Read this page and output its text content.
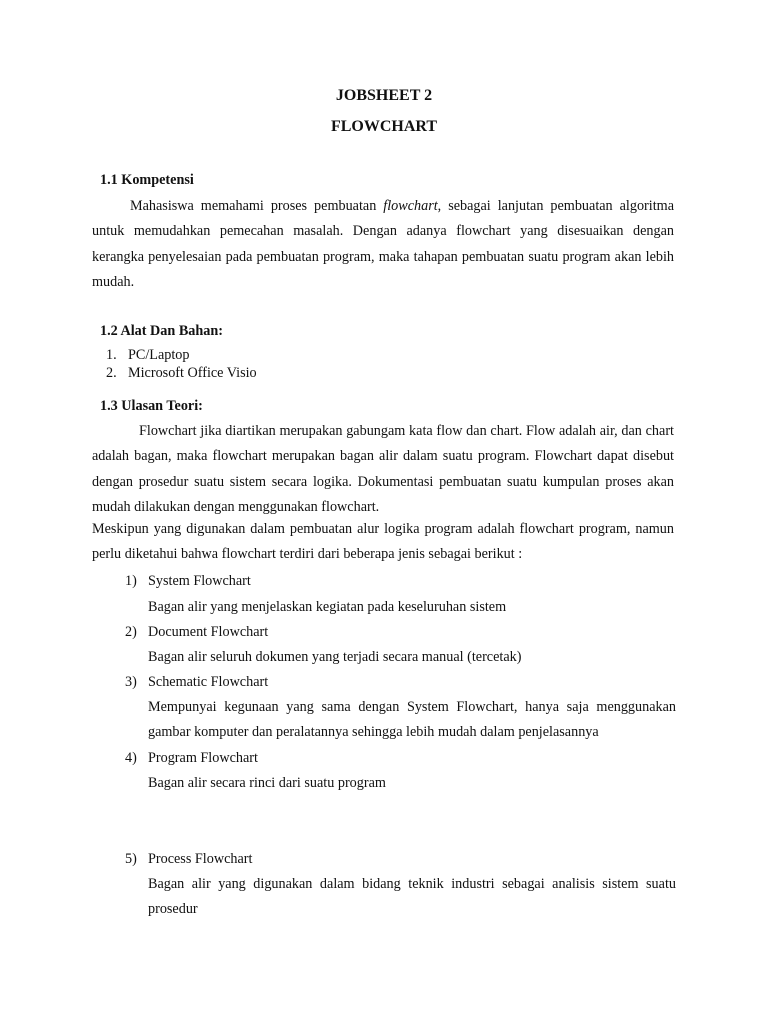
JOBSHEET 2
FLOWCHART
1.1 Kompetensi

Mahasiswa memahami proses pembuatan flowchart, sebagai lanjutan pembuatan algoritma untuk memudahkan pemecahan masalah. Dengan adanya flowchart yang disesuaikan dengan kerangka penyelesaian pada pembuatan program, maka tahapan pembuatan suatu program akan lebih mudah.

1.2 Alat Dan Bahan:
1. PC/Laptop
2. Microsoft Office Visio
1.3 Ulasan Teori:

Flowchart jika diartikan merupakan gabungam kata flow dan chart. Flow adalah air, dan chart adalah bagan, maka flowchart merupakan bagan alir dalam suatu program. Flowchart dapat disebut dengan prosedur suatu sistem secara logika. Dokumentasi pembuatan suatu kumpulan proses akan mudah dilakukan dengan menggunakan flowchart.

Meskipun yang digunakan dalam pembuatan alur logika program adalah flowchart program, namun perlu diketahui bahwa flowchart terdiri dari beberapa jenis sebagai berikut :

1) System Flowchart
Bagan alir yang menjelaskan kegiatan pada keseluruhan sistem
2) Document Flowchart
Bagan alir seluruh dokumen yang terjadi secara manual (tercetak)
3) Schematic Flowchart
Mempunyai kegunaan yang sama dengan System Flowchart, hanya saja menggunakan gambar komputer dan peralatannya sehingga lebih mudah dalam penjelasannya
4) Program Flowchart
Bagan alir secara rinci dari suatu program
5) Process Flowchart
Bagan alir yang digunakan dalam bidang teknik industri sebagai analisis sistem suatu prosedur
